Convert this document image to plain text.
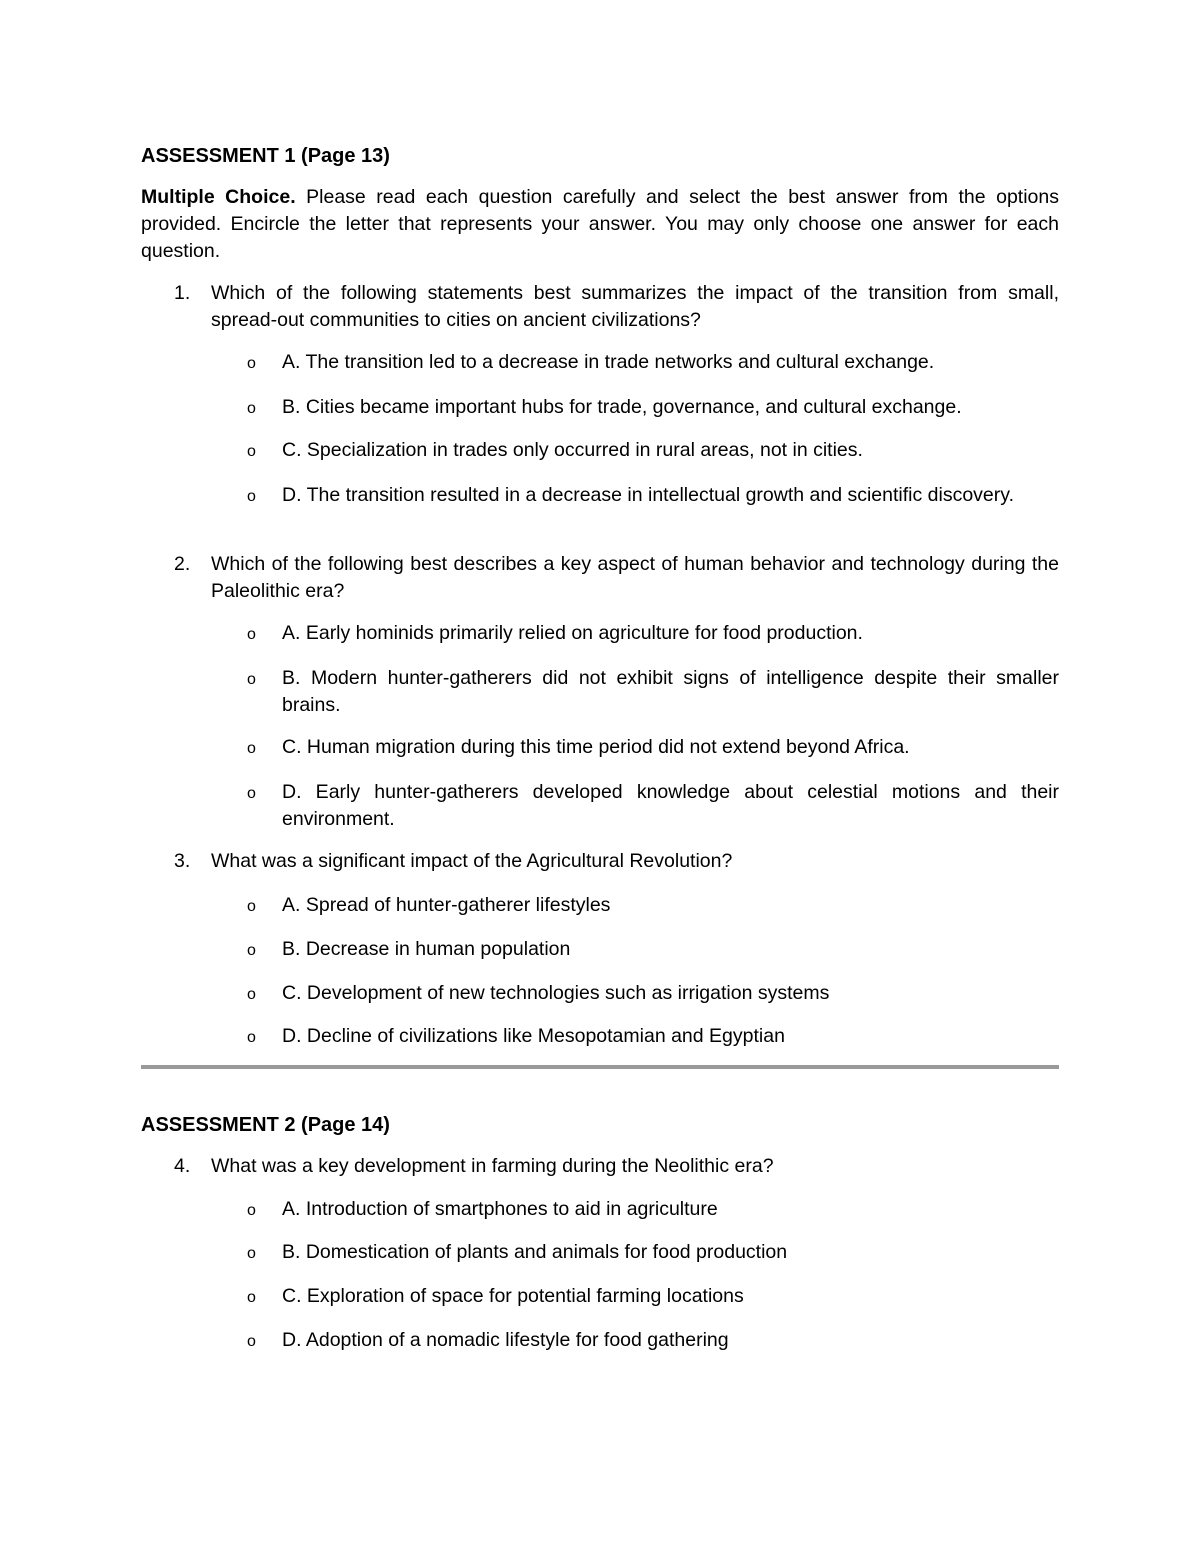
ASSESSMENT 1 (Page 13)

Multiple Choice. Please read each question carefully and select the best answer from the options provided. Encircle the letter that represents your answer. You may only choose one answer for each question.

1. Which of the following statements best summarizes the impact of the transition from small, spread-out communities to cities on ancient civilizations?
o A. The transition led to a decrease in trade networks and cultural exchange.
o B. Cities became important hubs for trade, governance, and cultural exchange.
o C. Specialization in trades only occurred in rural areas, not in cities.
o D. The transition resulted in a decrease in intellectual growth and scientific discovery.
2. Which of the following best describes a key aspect of human behavior and technology during the Paleolithic era?
o A. Early hominids primarily relied on agriculture for food production.
o B. Modern hunter-gatherers did not exhibit signs of intelligence despite their smaller brains.
o C. Human migration during this time period did not extend beyond Africa.
o D. Early hunter-gatherers developed knowledge about celestial motions and their environment.
3. What was a significant impact of the Agricultural Revolution?
o A. Spread of hunter-gatherer lifestyles
o B. Decrease in human population
o C. Development of new technologies such as irrigation systems
o D. Decline of civilizations like Mesopotamian and Egyptian
ASSESSMENT 2 (Page 14)
4. What was a key development in farming during the Neolithic era?
o A. Introduction of smartphones to aid in agriculture
o B. Domestication of plants and animals for food production
o C. Exploration of space for potential farming locations
o D. Adoption of a nomadic lifestyle for food gathering
